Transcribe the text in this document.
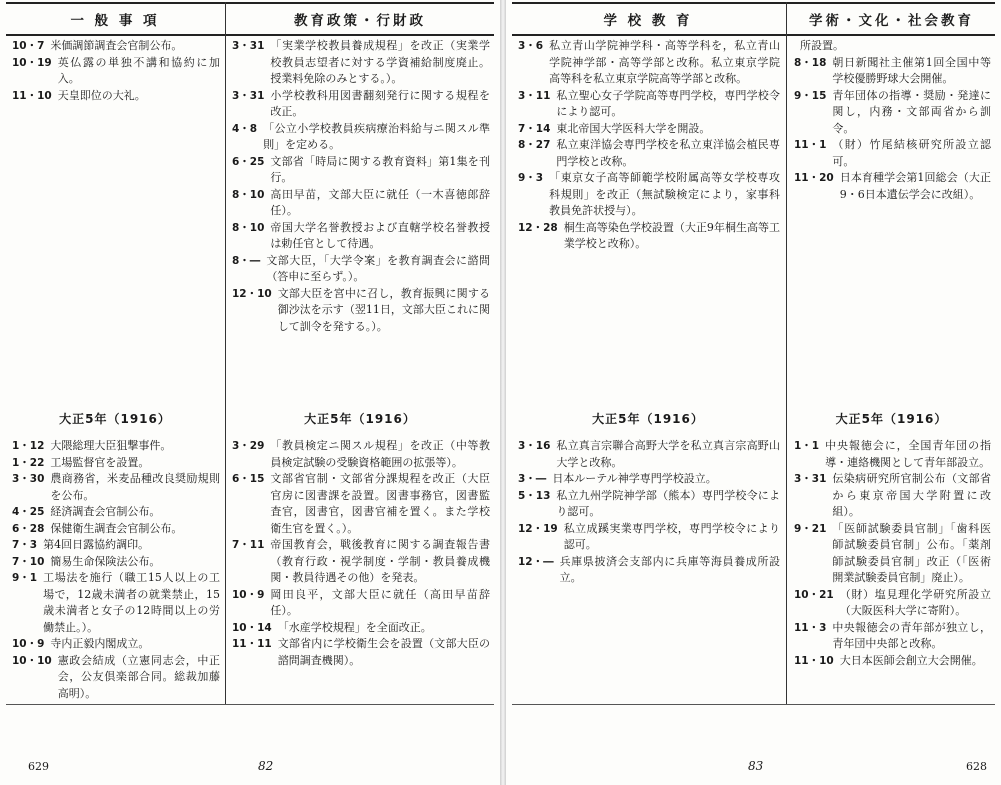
一 般 事 項
10・7 米価調節調査会官制公布。
10・19 英仏露の単独不講和協約に加入。
11・10 天皇即位の大礼。
大正5年（1916）
1・12 大隈総理大臣狙撃事件。
1・22 工場監督官を設置。
3・30 農商務省，米麦品種改良奨励規則を公布。
4・25 経済調査会官制公布。
6・28 保健衛生調査会官制公布。
7・3 第4回日露協約調印。
7・10 簡易生命保険法公布。
9・1 工場法を施行（職工15人以上の工場で，12歳未満者の就業禁止，15歳未満者と女子の12時間以上の労働禁止。）。
10・9 寺内正毅内閣成立。
10・10 憲政会結成（立憲同志会，中正会，公友倶楽部合同。総裁加藤高明）。
教育政策・行財政
3・31 「実業学校教員養成規程」を改正（実業学校教員志望者に対する学資補給制度廃止。授業料免除のみとする。）。
3・31 小学校教科用図書翻刻発行に関する規程を改正。
4・8 「公立小学校教員疾病療治料給与ニ関スル準則」を定める。
6・25 文部省「時局に関する教育資料」第1集を刊行。
8・10 高田早苗，文部大臣に就任（一木喜徳郎辞任）。
8・10 帝国大学名誉教授および直轄学校名誉教授は勅任官として待遇。
8・― 文部大臣，「大学令案」を教育調査会に諮問（答申に至らず。）。
12・10 文部大臣を宮中に召し，教育振興に関する御沙汰を示す（翌11日，文部大臣これに関して訓令を発する。）。
大正5年（1916）
3・29 「教員検定ニ関スル規程」を改正（中等教員検定試験の受験資格範囲の拡張等）。
6・15 文部省官制・文部省分課規程を改正（大臣官房に図書課を設置。図書事務官，図書監査官，図書官，図書官補を置く。また学校衛生官を置く。）。
7・11 帝国教育会，戦後教育に関する調査報告書（教育行政・視学制度・学制・教員養成機関・教員待遇その他）を発表。
10・9 岡田良平，文部大臣に就任（高田早苗辞任）。
10・14 「水産学校規程」を全面改正。
11・11 文部省内に学校衛生会を設置（文部大臣の諮問調査機関）。
629	82
学 校 教 育
3・6 私立青山学院神学科・高等学科を，私立青山学院神学部・高等学部と改称。私立東京学院高等科を私立東京学院高等学部と改称。
3・11 私立聖心女子学院高等専門学校，専門学校令により認可。
7・14 東北帝国大学医科大学を開設。
8・27 私立東洋協会専門学校を私立東洋協会植民専門学校と改称。
9・3 「東京女子高等師範学校附属高等女学校専攻科規則」を改正（無試験検定により，家事科教員免許状授与）。
12・28 桐生高等染色学校設置（大正9年桐生高等工業学校と改称）。
大正5年（1916）
3・16 私立真言宗聯合高野大学を私立真言宗高野山大学と改称。
3・― 日本ルーテル神学専門学校設立。
5・13 私立九州学院神学部（熊本）専門学校令により認可。
12・19 私立成蹊実業専門学校，専門学校令により認可。
12・― 兵庫県披済会支部内に兵庫等海員養成所設立。
学術・文化・社会教育
所設置。
8・18 朝日新聞社主催第1回全国中等学校優勝野球大会開催。
9・15 青年団体の指導・奨励・発達に関し，内務・文部両省から訓令。
11・1 （財）竹尾結核研究所設立認可。
11・20 日本育種学会第1回総会（大正9・6日本遺伝学会に改組）。
大正5年（1916）
1・1 中央報徳会に，全国青年団の指導・連絡機関として青年部設立。
3・31 伝染病研究所官制公布（文部省から東京帝国大学附置に改組）。
9・21 「医師試験委員官制」「歯科医師試験委員官制」公布。「薬剤師試験委員官制」改正（「医術開業試験委員官制」廃止）。
10・21 （財）塩見理化学研究所設立（大阪医科大学に寄附）。
11・3 中央報徳会の青年部が独立し，青年団中央部と改称。
11・10 大日本医師会創立大会開催。
83	628
